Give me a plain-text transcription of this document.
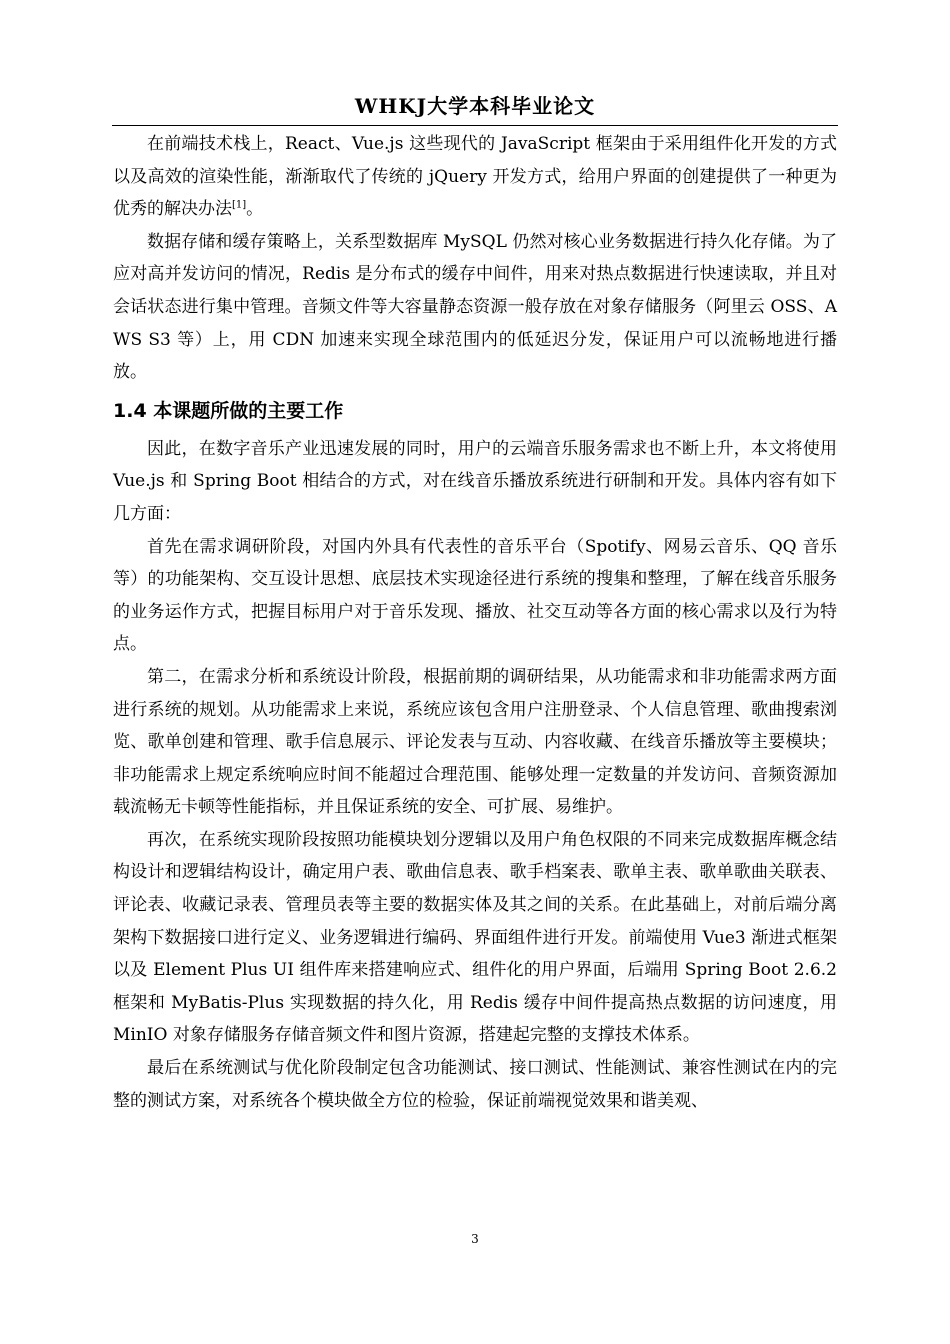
WHKJ大学本科毕业论文

在前端技术栈上，React、Vue.js 这些现代的 JavaScript 框架由于采用组件化开发的方式以及高效的渲染性能，渐渐取代了传统的 jQuery 开发方式，给用户界面的创建提供了一种更为优秀的解决办法[1]。

数据存储和缓存策略上，关系型数据库 MySQL 仍然对核心业务数据进行持久化存储。为了应对高并发访问的情况，Redis 是分布式的缓存中间件，用来对热点数据进行快速读取，并且对会话状态进行集中管理。音频文件等大容量静态资源一般存放在对象存储服务（阿里云 OSS、AWS S3 等）上，用 CDN 加速来实现全球范围内的低延迟分发，保证用户可以流畅地进行播放。

1.4 本课题所做的主要工作

因此，在数字音乐产业迅速发展的同时，用户的云端音乐服务需求也不断上升，本文将使用 Vue.js 和 Spring Boot 相结合的方式，对在线音乐播放系统进行研制和开发。具体内容有如下几方面：

首先在需求调研阶段，对国内外具有代表性的音乐平台（Spotify、网易云音乐、QQ 音乐等）的功能架构、交互设计思想、底层技术实现途径进行系统的搜集和整理，了解在线音乐服务的业务运作方式，把握目标用户对于音乐发现、播放、社交互动等各方面的核心需求以及行为特点。

第二，在需求分析和系统设计阶段，根据前期的调研结果，从功能需求和非功能需求两方面进行系统的规划。从功能需求上来说，系统应该包含用户注册登录、个人信息管理、歌曲搜索浏览、歌单创建和管理、歌手信息展示、评论发表与互动、内容收藏、在线音乐播放等主要模块；非功能需求上规定系统响应时间不能超过合理范围、能够处理一定数量的并发访问、音频资源加载流畅无卡顿等性能指标，并且保证系统的安全、可扩展、易维护。

再次，在系统实现阶段按照功能模块划分逻辑以及用户角色权限的不同来完成数据库概念结构设计和逻辑结构设计，确定用户表、歌曲信息表、歌手档案表、歌单主表、歌单歌曲关联表、评论表、收藏记录表、管理员表等主要的数据实体及其之间的关系。在此基础上，对前后端分离架构下数据接口进行定义、业务逻辑进行编码、界面组件进行开发。前端使用 Vue3 渐进式框架以及 Element Plus UI 组件库来搭建响应式、组件化的用户界面，后端用 Spring Boot 2.6.2 框架和 MyBatis-Plus 实现数据的持久化，用 Redis 缓存中间件提高热点数据的访问速度，用 MinIO 对象存储服务存储音频文件和图片资源，搭建起完整的支撑技术体系。

最后在系统测试与优化阶段制定包含功能测试、接口测试、性能测试、兼容性测试在内的完整的测试方案，对系统各个模块做全方位的检验，保证前端视觉效果和谐美观、

3
